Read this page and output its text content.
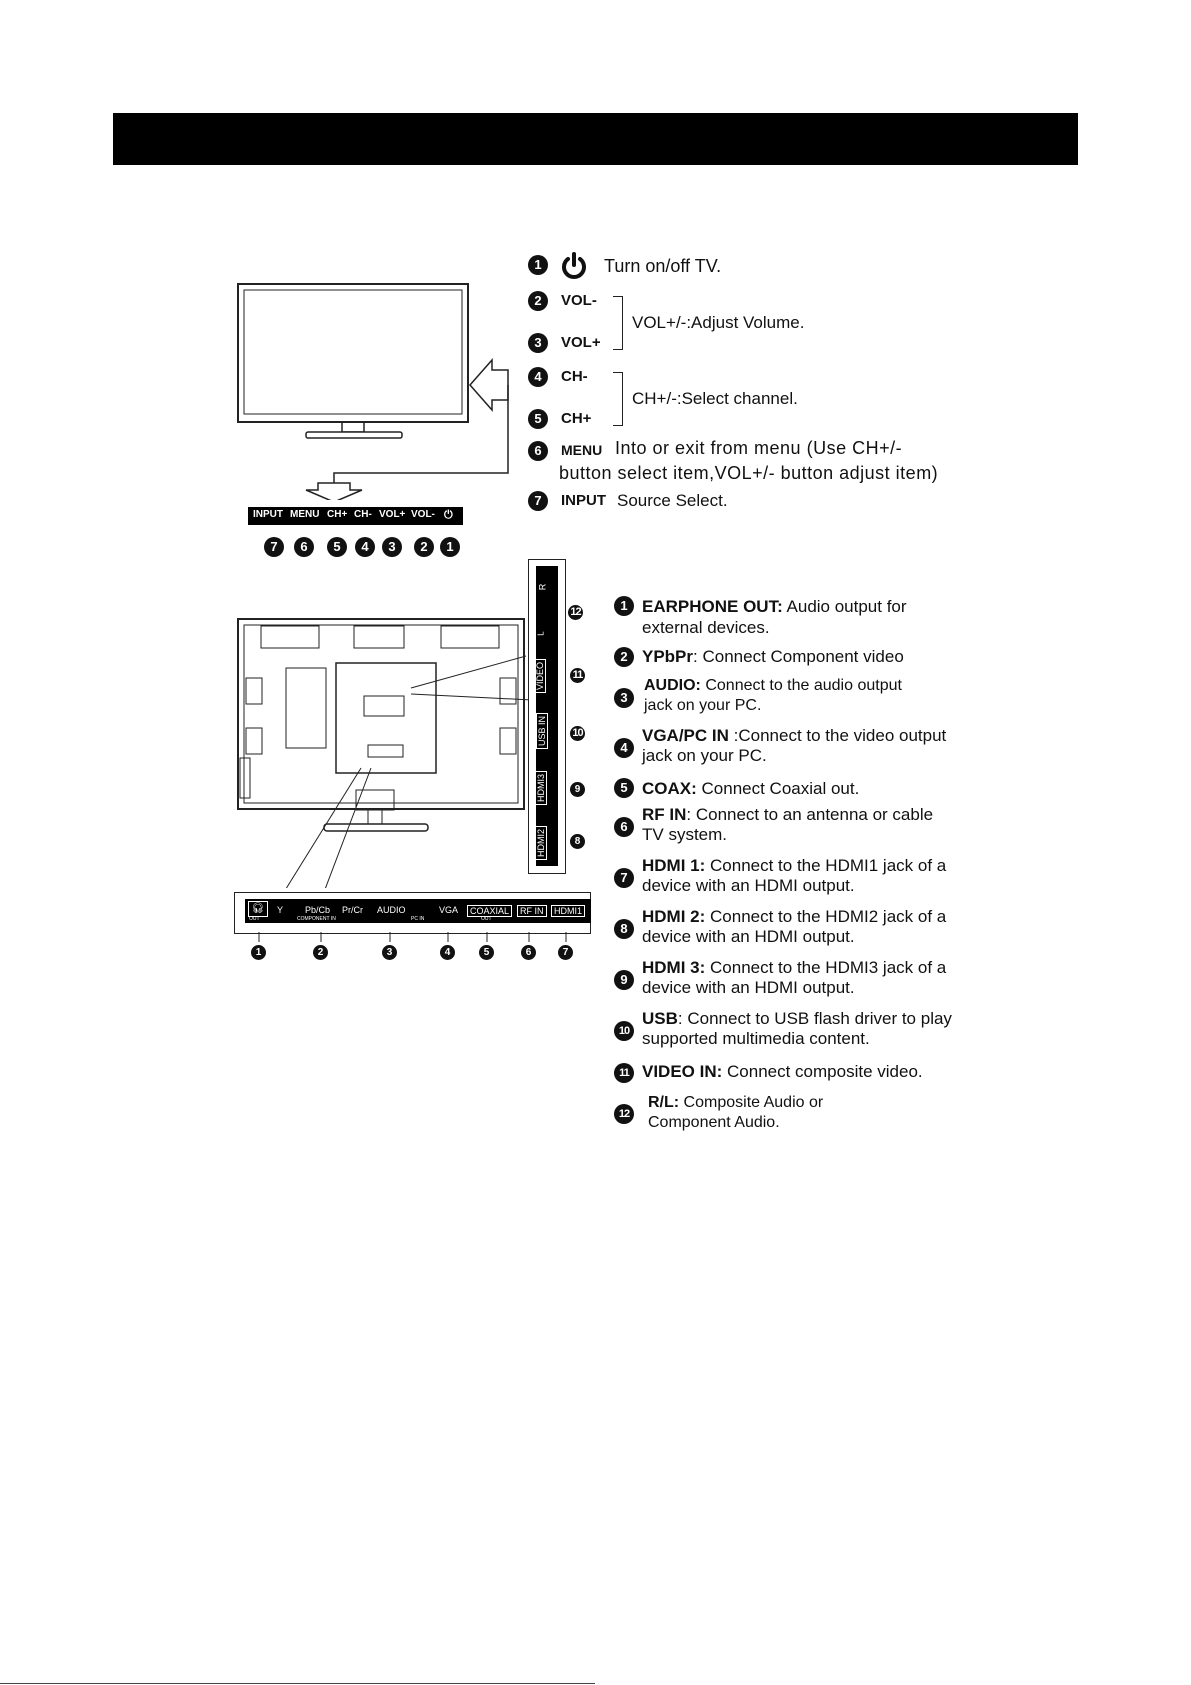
INPUT MENU CH+ CH- VOL+ VOL- ⏻
7	6	5	4	3	2	1
1	Turn on/off TV.
2	VOL-
3	VOL+
VOL+/-:Adjust Volume.
4	CH-
5	CH+
CH+/-:Select channel.
6	MENU Into or exit from menu (Use CH+/-
button select item,VOL+/- button adjust item)
7	INPUT Source Select.
R
L
VIDEO
USB IN
HDMI3
HDMI2
12
11
10
9
8
🎧︎	Y Pb/Cb Pr/Cr AUDIO	VGA	COAXIAL	RF IN	HDMI1
OUT	COMPONENT IN	PC IN	OUT
1	2	3	4	5	6	7
1 EARPHONE OUT: Audio output for
external devices.
2 YPbPr: Connect Component video
3
AUDIO: Connect to the audio output
jack on your PC.
4
VGA/PC IN :Connect to the video output
jack on your PC.
5 COAX: Connect Coaxial out.
6
RF IN: Connect to an antenna or cable
TV system.
7
HDMI 1: Connect to the HDMI1 jack of a
device with an HDMI output.
8
HDMI 2: Connect to the HDMI2 jack of a
device with an HDMI output.
9
HDMI 3: Connect to the HDMI3 jack of a
device with an HDMI output.
10
USB: Connect to USB flash driver to play
supported multimedia content.
11 VIDEO IN: Connect composite video.
12
R/L: Composite Audio or
Component Audio.
